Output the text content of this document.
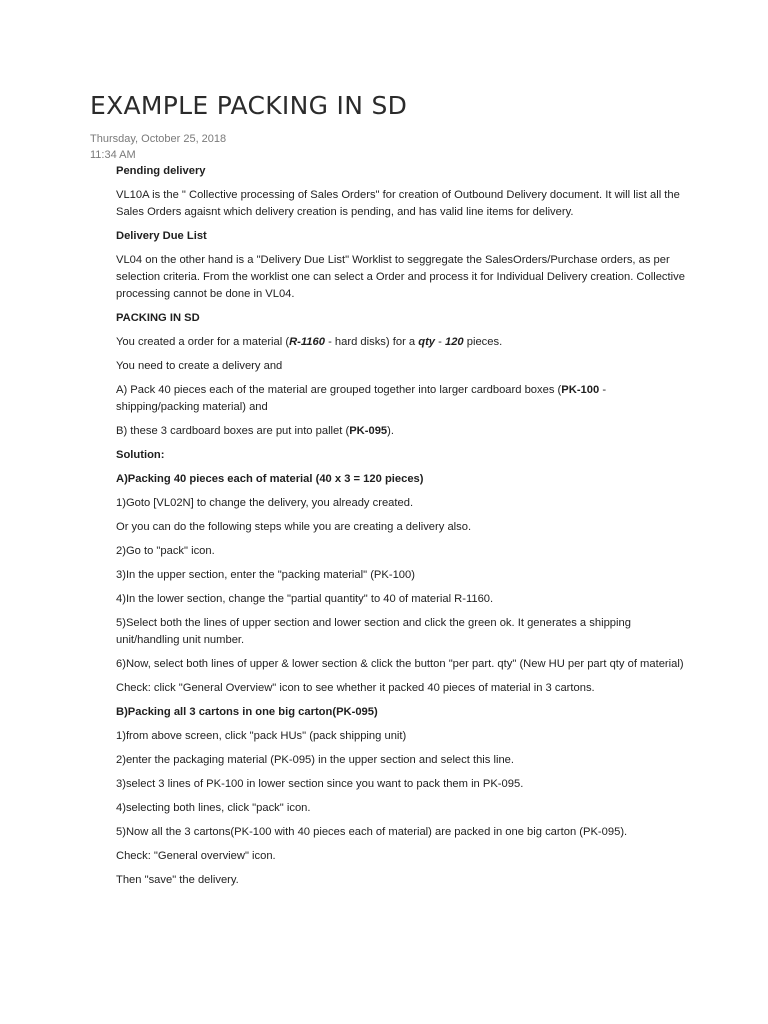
EXAMPLE PACKING IN SD
Thursday, October 25, 2018
11:34 AM

Pending delivery

VL10A is the " Collective processing of Sales Orders" for creation of Outbound Delivery document. It will list all the Sales Orders agaisnt which delivery creation is pending, and has valid line items for delivery.

Delivery Due List

VL04 on the other hand is a "Delivery Due List" Worklist to seggregate the SalesOrders/Purchase orders, as per selection criteria. From the worklist one can select a Order and process it for Individual Delivery creation. Collective processing cannot be done in VL04.

PACKING IN SD

You created a order for a material (R-1160 - hard disks) for a qty - 120 pieces.

You need to create a delivery and

A) Pack 40 pieces each of the material are grouped together into larger cardboard boxes (PK-100 - shipping/packing material) and

B) these 3 cardboard boxes are put into pallet (PK-095).

Solution:

A)Packing 40 pieces each of material (40 x 3 = 120 pieces)

1)Goto [VL02N] to change the delivery, you already created.

Or you can do the following steps while you are creating a delivery also.

2)Go to "pack" icon.

3)In the upper section, enter the "packing material" (PK-100)

4)In the lower section, change the "partial quantity" to 40 of material R-1160.

5)Select both the lines of upper section and lower section and click the green ok. It generates a shipping unit/handling unit number.

6)Now, select both lines of upper & lower section & click the button "per part. qty" (New HU per part qty of material)

Check: click "General Overview" icon to see whether it packed 40 pieces of material in 3 cartons.

B)Packing all 3 cartons in one big carton(PK-095)

1)from above screen, click "pack HUs" (pack shipping unit)

2)enter the packaging material (PK-095) in the upper section and select this line.

3)select 3 lines of PK-100 in lower section since you want to pack them in PK-095.

4)selecting both lines, click "pack" icon.

5)Now all the 3 cartons(PK-100 with 40 pieces each of material) are packed in one big carton (PK-095).

Check: "General overview" icon.

Then "save" the delivery.
